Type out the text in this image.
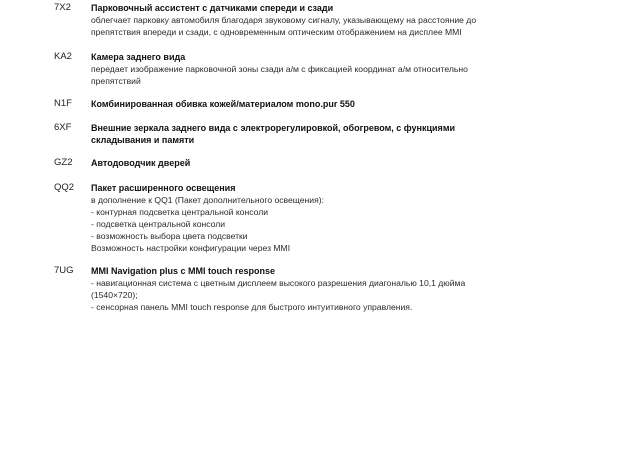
7X2	Парковочный ассистент с датчиками спереди и сзади
облегчает парковку автомобиля благодаря звуковому сигналу, указывающему на расстояние до
препятствия впереди и сзади, с одновременным оптическим отображением на дисплее MMI
KA2	Камера заднего вида
передает изображение парковочной зоны сзади а/м с фиксацией координат а/м относительно
препятствий
N1F	Комбинированная обивка кожей/материалом mono.pur 550
6XF	Внешние зеркала заднего вида с электрорегулировкой, обогревом, с функциями
складывания и памяти
GZ2	Автодоводчик дверей
QQ2	Пакет расширенного освещения
в дополнение к QQ1 (Пакет дополнительного освещения):
- контурная подсветка центральной консоли
- подсветка центральной консоли
- возможность выбора цвета подсветки
Возможность настройки конфигурации через MMI
7UG	MMI Navigation plus с MMI touch response
- навигационная система с цветным дисплеем высокого разрешения диагональю 10,1 дюйма
(1540×720);
- сенсорная панель MMI touch response для быстрого интуитивного управления.
